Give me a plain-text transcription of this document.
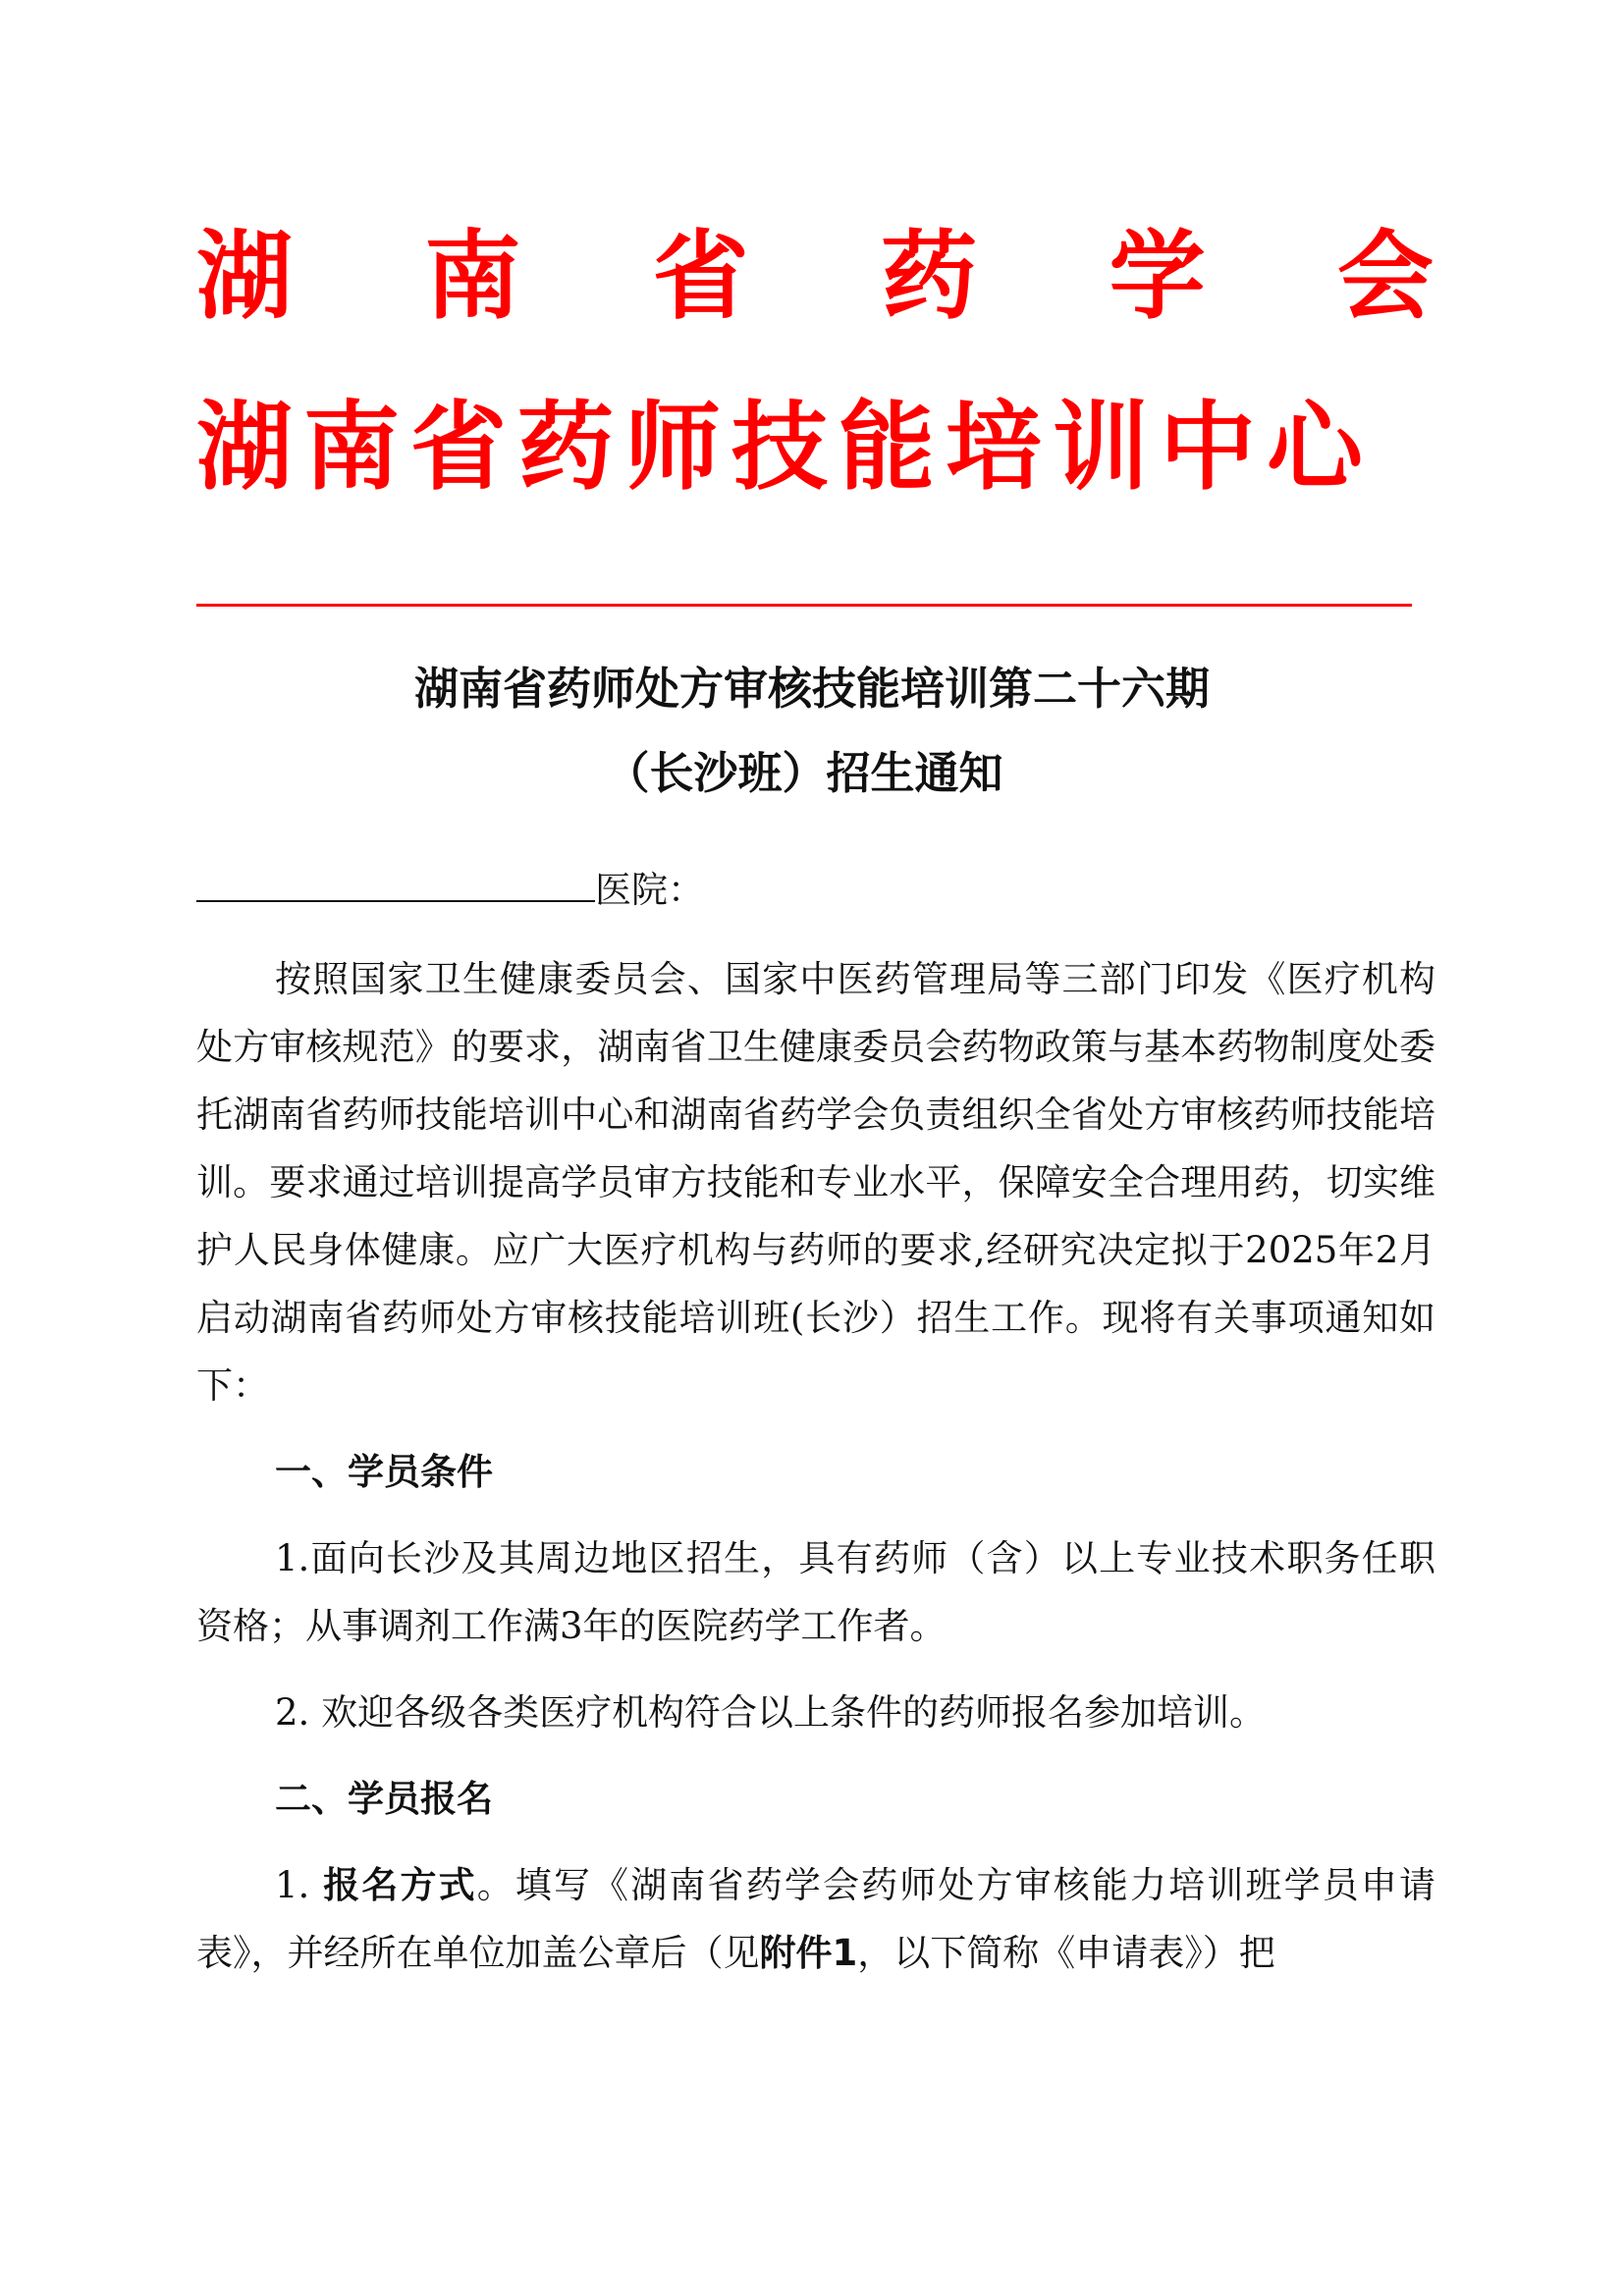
湖 南 省 药 学 会
湖南省药师技能培训中心
湖南省药师处方审核技能培训第二十六期
（长沙班）招生通知

医院：

按照国家卫生健康委员会、国家中医药管理局等三部门印发《医疗机构处方审核规范》的要求，湖南省卫生健康委员会药物政策与基本药物制度处委托湖南省药师技能培训中心和湖南省药学会负责组织全省处方审核药师技能培训。要求通过培训提高学员审方技能和专业水平，保障安全合理用药，切实维护人民身体健康。应广大医疗机构与药师的要求,经研究决定拟于2025年2月启动湖南省药师处方审核技能培训班(长沙）招生工作。现将有关事项通知如下：

一、学员条件

1.面向长沙及其周边地区招生，具有药师（含）以上专业技术职务任职资格；从事调剂工作满3年的医院药学工作者。

2. 欢迎各级各类医疗机构符合以上条件的药师报名参加培训。

二、学员报名

1. 报名方式。填写《湖南省药学会药师处方审核能力培训班学员申请表》，并经所在单位加盖公章后（见附件1，以下简称《申请表》）把
